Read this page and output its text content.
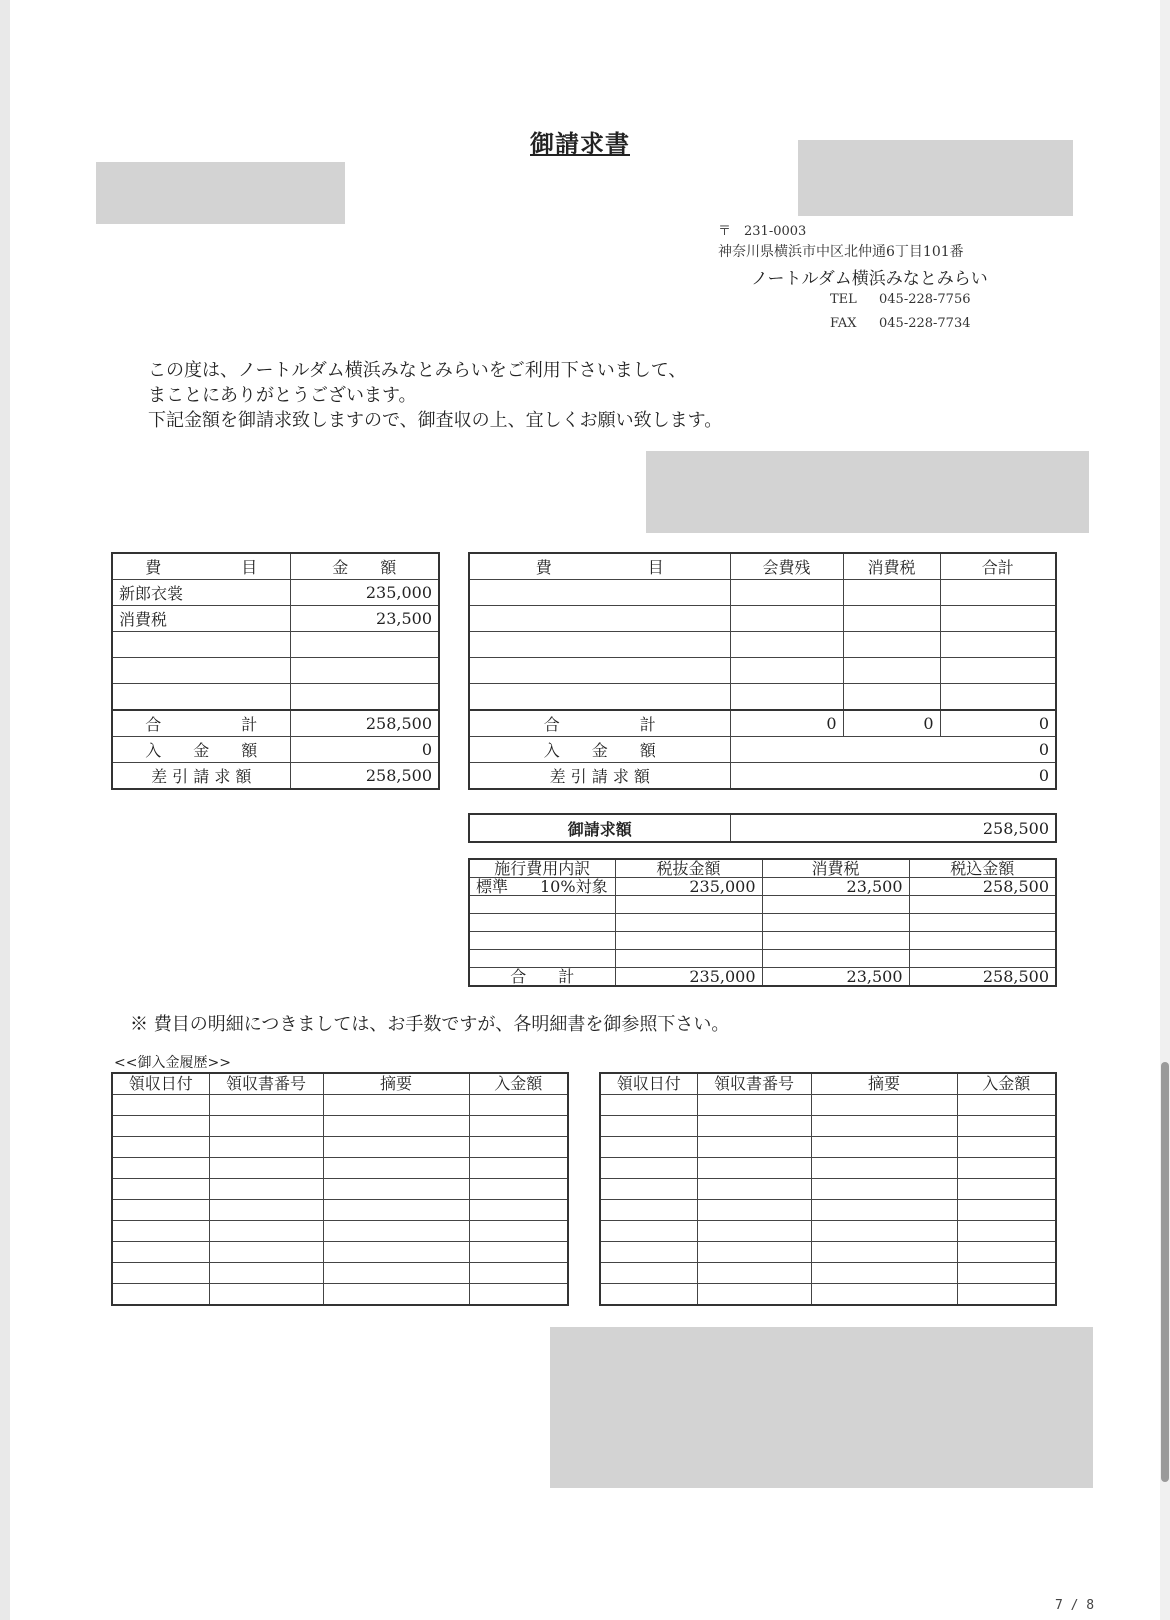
御請求書
〒　231-0003
神奈川県横浜市中区北仲通6丁目101番
ノートルダム横浜みなとみらい
TEL 045-228-7756
FAX 045-228-7734
この度は、ノートルダム横浜みなとみらいをご利用下さいまして、
まことにありがとうございます。
下記金額を御請求致しますので、御査収の上、宜しくお願い致します。
費　　　　　目	金　　額
新郎衣裳	235,000
消費税	23,500

合　　　　　計	258,500
入　　金　　額	0
差 引 請 求 額	258,500
費　　　　　　目	会費残	消費税	合計

合　　　　　計	0	0	0
入　　金　　額	0		
差 引 請 求 額	0		
御請求額	258,500
施行費用内訳	税抜金額	消費税	税込金額
標準　　10%対象	235,000	23,500	258,500

合　　計	235,000	23,500	258,500
※ 費目の明細につきましては、お手数ですが、各明細書を御参照下さい。
<<御入金履歴>>
領収日付	領収書番号	摘要	入金額

				領収日付	領収書番号	摘要	入金額

7 / 8
